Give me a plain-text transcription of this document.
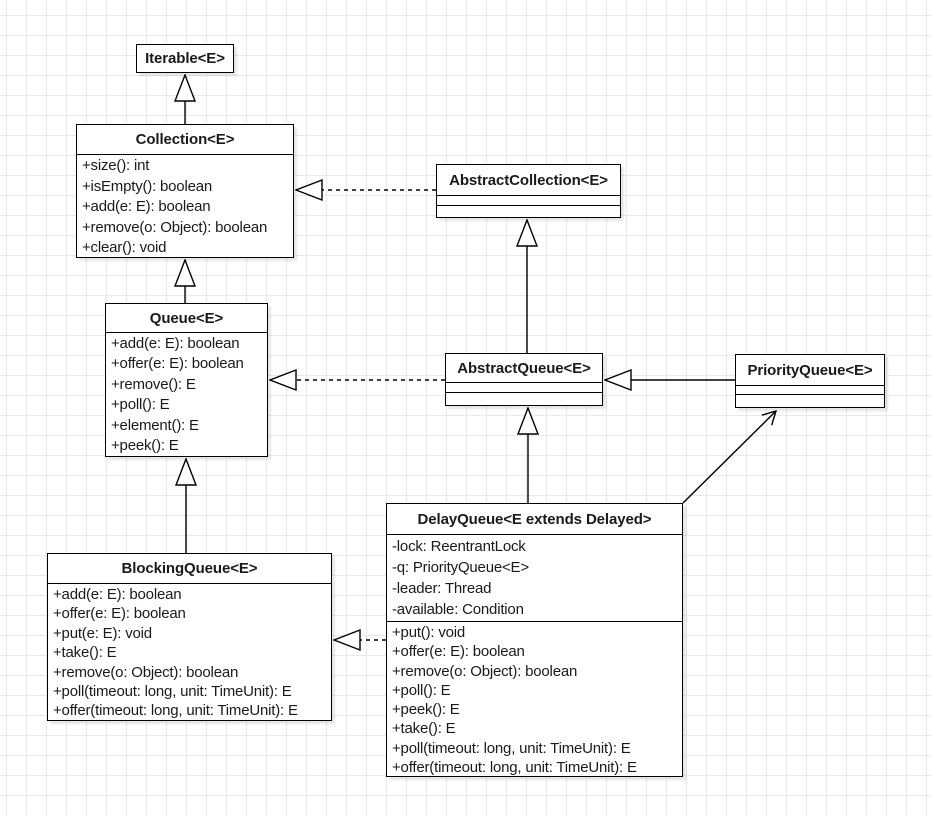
Iterable<E>
Collection<E>
+size(): int
+isEmpty(): boolean
+add(e: E): boolean
+remove(o: Object): boolean
+clear(): void
AbstractCollection<E>
Queue<E>
+add(e: E): boolean
+offer(e: E): boolean
+remove(): E
+poll(): E
+element(): E
+peek(): E
AbstractQueue<E>	PriorityQueue<E>
BlockingQueue<E>
+add(e: E): boolean
+offer(e: E): boolean
+put(e: E): void
+take(): E
+remove(o: Object): boolean
+poll(timeout: long, unit: TimeUnit): E
+offer(timeout: long, unit: TimeUnit): E
DelayQueue<E extends Delayed>
-lock: ReentrantLock
-q: PriorityQueue<E>
-leader: Thread
-available: Condition
+put(): void
+offer(e: E): boolean
+remove(o: Object): boolean
+poll(): E
+peek(): E
+take(): E
+poll(timeout: long, unit: TimeUnit): E
+offer(timeout: long, unit: TimeUnit): E
